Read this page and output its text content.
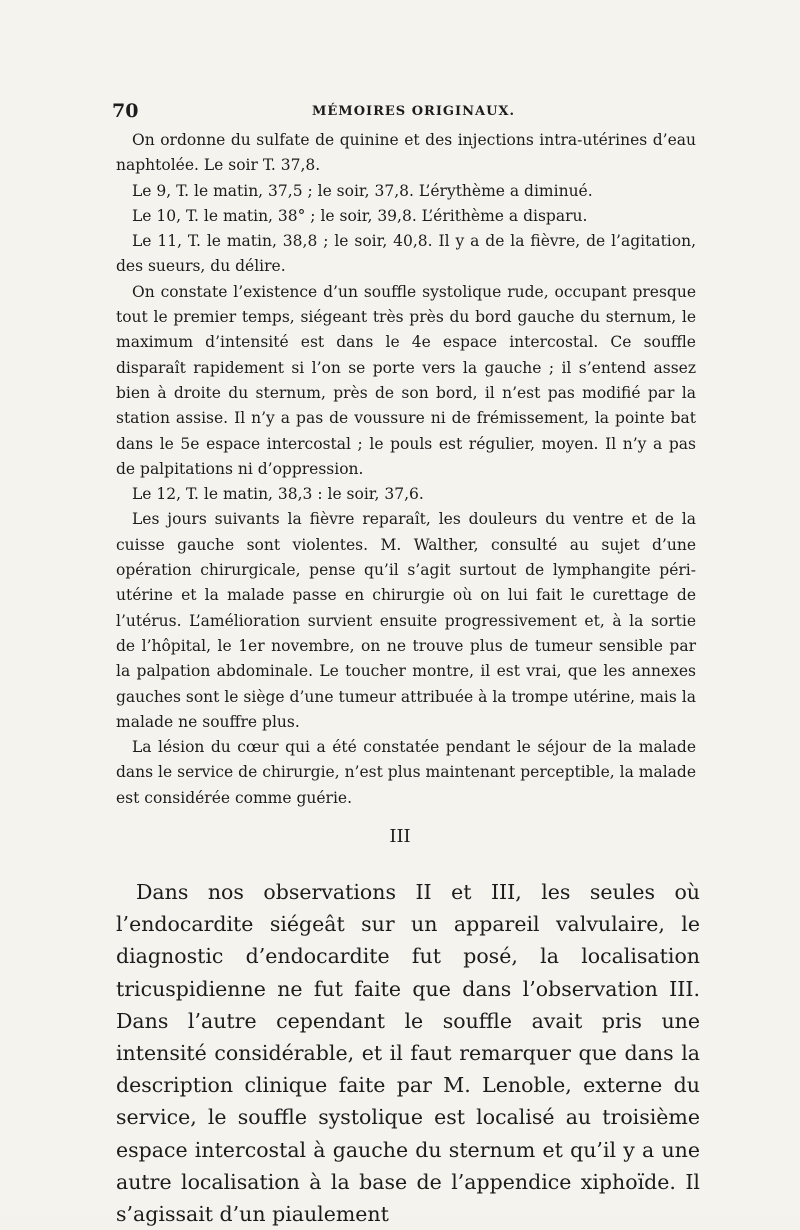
70	MÉMOIRES ORIGINAUX.

On ordonne du sulfate de quinine et des injections intra-utérines d’eau naphtolée. Le soir T. 37,8.

Le 9, T. le matin, 37,5 ; le soir, 37,8. L’érythème a diminué.

Le 10, T. le matin, 38° ; le soir, 39,8. L’érithème a disparu.

Le 11, T. le matin, 38,8 ; le soir, 40,8. Il y a de la fièvre, de l’agitation, des sueurs, du délire.

On constate l’existence d’un souffle systolique rude, occupant presque tout le premier temps, siégeant très près du bord gauche du sternum, le maximum d’intensité est dans le 4e espace intercostal. Ce souffle disparaît rapidement si l’on se porte vers la gauche ; il s’entend assez bien à droite du sternum, près de son bord, il n’est pas modifié par la station assise. Il n’y a pas de voussure ni de frémissement, la pointe bat dans le 5e espace intercostal ; le pouls est régulier, moyen. Il n’y a pas de palpitations ni d’oppression.

Le 12, T. le matin, 38,3 : le soir, 37,6.

Les jours suivants la fièvre reparaît, les douleurs du ventre et de la cuisse gauche sont violentes. M. Walther, consulté au sujet d’une opération chirurgicale, pense qu’il s’agit surtout de lymphangite péri-utérine et la malade passe en chirurgie où on lui fait le curettage de l’utérus. L’amélioration survient ensuite progressivement et, à la sortie de l’hôpital, le 1er novembre, on ne trouve plus de tumeur sensible par la palpation abdominale. Le toucher montre, il est vrai, que les annexes gauches sont le siège d’une tumeur attribuée à la trompe utérine, mais la malade ne souffre plus.

La lésion du cœur qui a été constatée pendant le séjour de la malade dans le service de chirurgie, n’est plus maintenant perceptible, la malade est considérée comme guérie.

III

Dans nos observations II et III, les seules où l’endocardite siégeât sur un appareil valvulaire, le diagnostic d’endocardite fut posé, la localisation tricuspidienne ne fut faite que dans l’observation III. Dans l’autre cependant le souffle avait pris une intensité considérable, et il faut remarquer que dans la description clinique faite par M. Lenoble, externe du service, le souffle systolique est localisé au troisième espace intercostal à gauche du sternum et qu’il y a une autre localisation à la base de l’appendice xiphoïde. Il s’agissait d’un piaulement
